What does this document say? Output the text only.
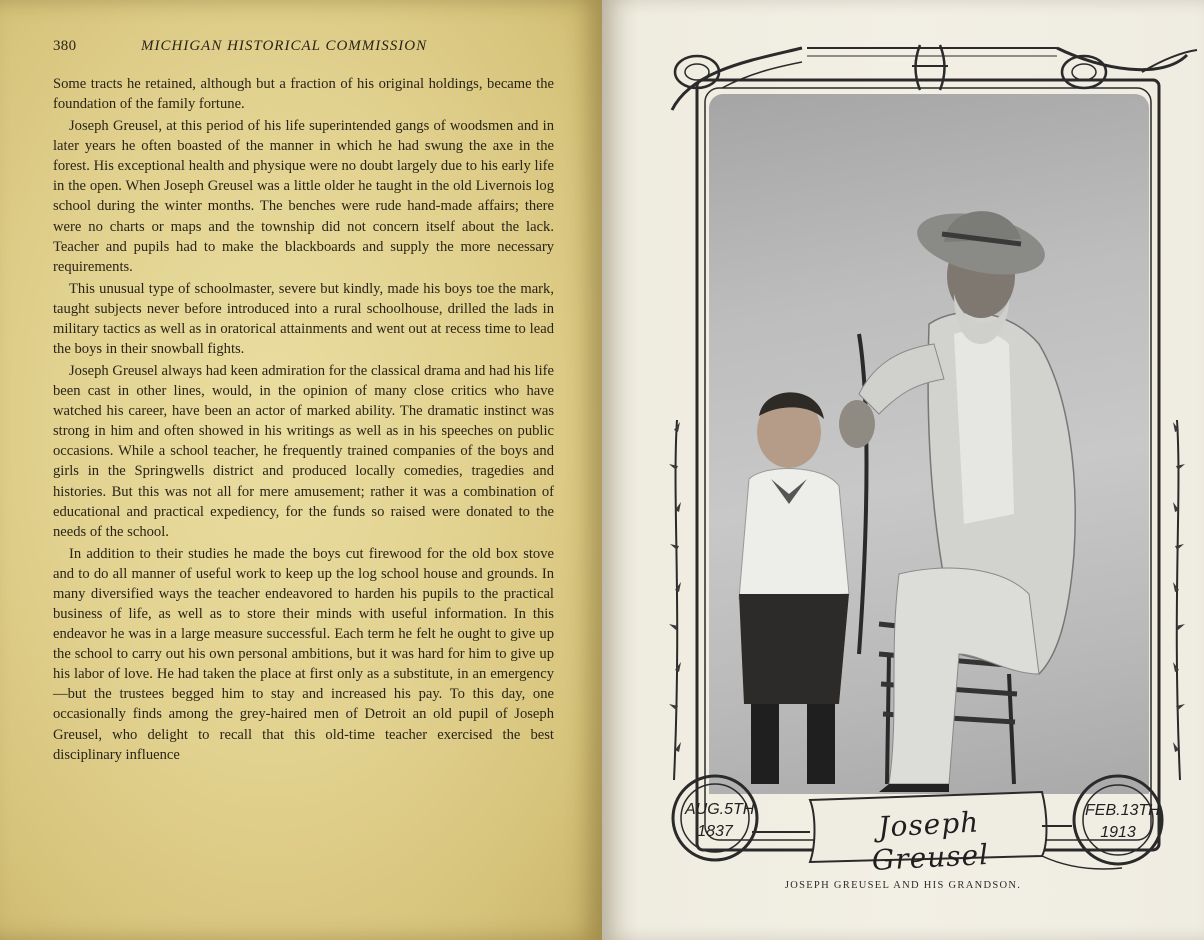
380	MICHIGAN HISTORICAL COMMISSION

Some tracts he retained, although but a fraction of his original holdings, became the foundation of the family fortune.

Joseph Greusel, at this period of his life superintended gangs of woodsmen and in later years he often boasted of the manner in which he had swung the axe in the forest. His exceptional health and physique were no doubt largely due to his early life in the open. When Joseph Greusel was a little older he taught in the old Livernois log school during the winter months. The benches were rude hand-made affairs; there were no charts or maps and the township did not concern itself about the lack. Teacher and pupils had to make the blackboards and supply the more necessary requirements.

This unusual type of schoolmaster, severe but kindly, made his boys toe the mark, taught subjects never before introduced into a rural schoolhouse, drilled the lads in military tactics as well as in oratorical attainments and went out at recess time to lead the boys in their snowball fights.

Joseph Greusel always had keen admiration for the classical drama and had his life been cast in other lines, would, in the opinion of many close critics who have watched his career, have been an actor of marked ability. The dramatic instinct was strong in him and often showed in his writings as well as in his speeches on public occasions. While a school teacher, he frequently trained companies of the boys and girls in the Springwells district and produced locally comedies, tragedies and histories. But this was not all for mere amusement; rather it was a combination of educational and practical expediency, for the funds so raised were donated to the needs of the school.

In addition to their studies he made the boys cut firewood for the old box stove and to do all manner of useful work to keep up the log school house and grounds. In many diversified ways the teacher endeavored to harden his pupils to the practical business of life, as well as to store their minds with useful information. In this endeavor he was in a large measure successful. Each term he felt he ought to give up the school to carry out his own personal ambitions, but it was hard for him to give up his labor of love. He had taken the place at first only as a substitute, in an emergency—but the trustees begged him to stay and increased his pay. To this day, one occasionally finds among the grey-haired men of Detroit an old pupil of Joseph Greusel, who delight to recall that this old-time teacher exercised the best disciplinary influence

AUG.5TH
1837	Joseph Greusel
FEB.13TH
1913
JOSEPH GREUSEL AND HIS GRANDSON.
